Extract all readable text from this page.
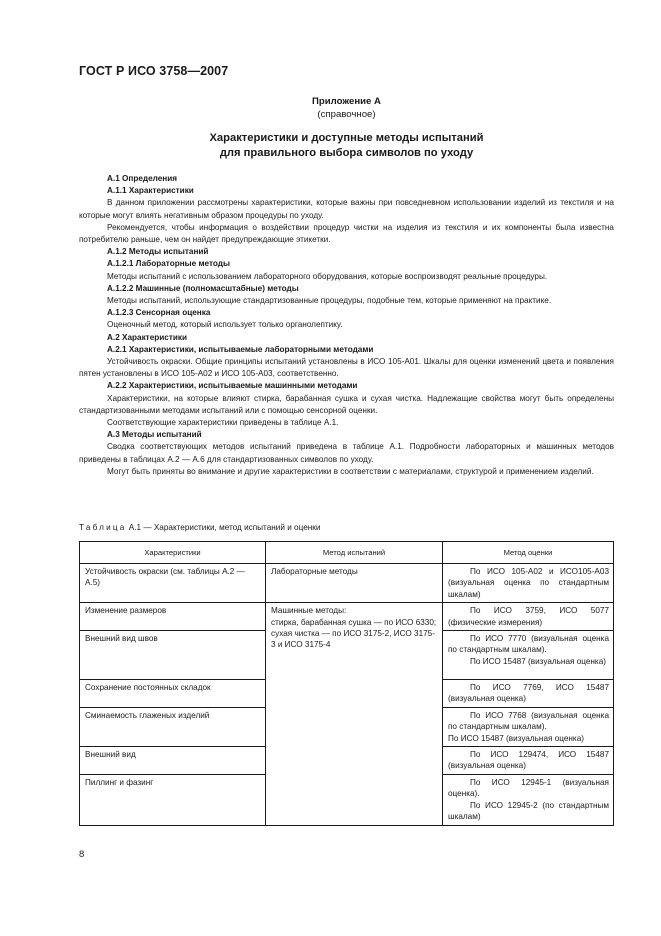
ГОСТ Р ИСО 3758—2007
Приложение А
(справочное)
Характеристики и доступные методы испытаний
для правильного выбора символов по уходу

А.1 Определения

А.1.1 Характеристики

В данном приложении рассмотрены характеристики, которые важны при повседневном использовании изделий из текстиля и на которые могут влиять негативным образом процедуры по уходу.

Рекомендуется, чтобы информация о воздействии процедур чистки на изделия из текстиля и их компоненты была известна потребителю раньше, чем он найдет предупреждающие этикетки.

А.1.2 Методы испытаний

А.1.2.1 Лабораторные методы

Методы испытаний с использованием лабораторного оборудования, которые воспроизводят реальные процедуры.

А.1.2.2 Машинные (полномасштабные) методы

Методы испытаний, использующие стандартизованные процедуры, подобные тем, которые применяют на практике.

А.1.2.3 Сенсорная оценка

Оценочный метод, который использует только органолептику.

А.2 Характеристики

А.2.1 Характеристики, испытываемые лабораторными методами

Устойчивость окраски. Общие принципы испытаний установлены в ИСО 105-А01. Шкалы для оценки изменений цвета и появления пятен установлены в ИСО 105-А02 и ИСО 105-А03, соответственно.

А.2.2 Характеристики, испытываемые машинными методами

Характеристики, на которые влияют стирка, барабанная сушка и сухая чистка. Надлежащие свойства могут быть определены стандартизованными методами испытаний или с помощью сенсорной оценки.

Соответствующие характеристики приведены в таблице А.1.

А.3 Методы испытаний

Сводка соответствующих методов испытаний приведена в таблице А.1. Подробности лабораторных и машинных методов приведены в таблицах А.2 — А.6 для стандартизованных символов по уходу.

Могут быть приняты во внимание и другие характеристики в соответствии с материалами, структурой и применением изделий.

Таблица А.1 — Характеристики, метод испытаний и оценки
Характеристики	Метод испытаний	Метод оценки
Устойчивость окраски (см. таблицы А.2 — А.5)	Лабораторные методы	По ИСО 105-А02 и ИСО105-А03 (визуальная оценка по стандартным шкалам)

Изменение размеров	Машинные методы:
стирка, барабанная сушка — по ИСО 6330;
сухая чистка — по ИСО 3175-2, ИСО 3175-3 и ИСО 3175-4	По ИСО 3759, ИСО 5077 (физические измерения)

Внешний вид швов		По ИСО 7770 (визуальная оценка по стандартным шкалам).
По ИСО 15487 (визуальная оценка)

Сохранение постоянных складок		По ИСО 7769, ИСО 15487 (визуальная оценка)

Сминаемость глаженых изделий		По ИСО 7768 (визуальная оценка по стандартным шкалам).
По ИСО 15487 (визуальная оценка)

Внешний вид		По ИСО 129474, ИСО 15487 (визуальная оценка)

Пиллинг и фазинг		По ИСО 12945-1 (визуальная оценка).
По ИСО 12945-2 (по стандартным шкалам)
8
